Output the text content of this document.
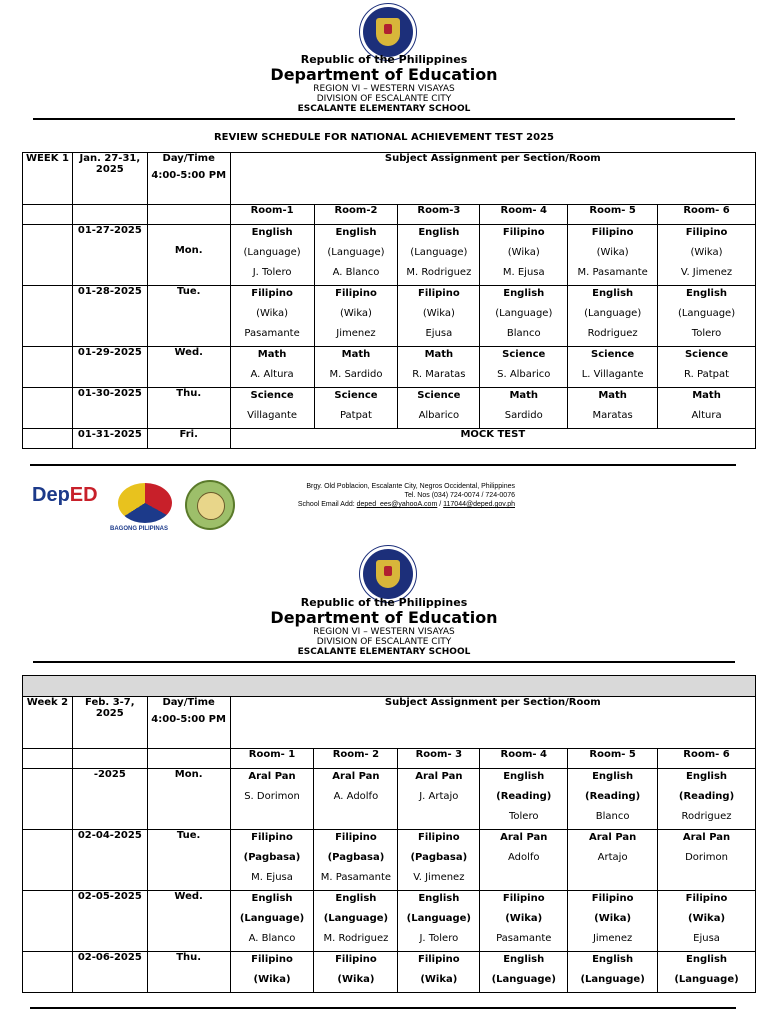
Republic of the Philippines
Department of Education
REGION VI – WESTERN VISAYAS
DIVISION OF ESCALANTE CITY
ESCALANTE ELEMENTARY SCHOOL
REVIEW SCHEDULE FOR NATIONAL ACHIEVEMENT TEST 2025
WEEK 1	Jan. 27-31, 2025	Day/Time
4:00-5:00 PM	Subject Assignment per Section/Room					
			Room-1	Room-2	Room-3	Room- 4	Room- 5	Room- 6
	01-27-2025	Mon.	English
(Language)
J. Tolero	English
(Language)
A. Blanco	English
(Language)
M. Rodriguez	Filipino
(Wika)
M. Ejusa	Filipino
(Wika)
M. Pasamante	Filipino
(Wika)
V. Jimenez

	01-28-2025	Tue.	Filipino
(Wika)
Pasamante	Filipino
(Wika)
Jimenez	Filipino
(Wika)
Ejusa	English
(Language)
Blanco	English
(Language)
Rodriguez	English
(Language)
Tolero

	01-29-2025	Wed.	Math
A. Altura	Math
M. Sardido	Math
R. Maratas	Science
S. Albarico	Science
L. Villagante	Science
R. Patpat

	01-30-2025	Thu.	Science
Villagante	Science
Patpat	Science
Albarico	Math
Sardido	Math
Maratas	Math
Altura

	01-31-2025	Fri.	MOCK TEST					
DepED
BAGONG PILIPINAS
Brgy. Old Poblacion, Escalante City, Negros Occidental, Philippines
Tel. Nos (034) 724-0074 / 724-0076
School Email Add: deped_ees@yahooA.com / 117044@deped.gov.ph
Republic of the Philippines
Department of Education
REGION VI – WESTERN VISAYAS
DIVISION OF ESCALANTE CITY
ESCALANTE ELEMENTARY SCHOOL

Week 2	Feb. 3-7, 2025	Day/Time
4:00-5:00 PM	Subject Assignment per Section/Room					
			Room- 1	Room- 2	Room- 3	Room- 4	Room- 5	Room- 6
	-2025	Mon.	Aral Pan
S. Dorimon	Aral Pan
A. Adolfo	Aral Pan
J. Artajo	English
(Reading)
Tolero	English
(Reading)
Blanco	English
(Reading)
Rodriguez

	02-04-2025	Tue.	Filipino
(Pagbasa)
M. Ejusa	Filipino
(Pagbasa)
M. Pasamante	Filipino
(Pagbasa)
V. Jimenez	Aral Pan
Adolfo	Aral Pan
Artajo	Aral Pan
Dorimon

	02-05-2025	Wed.	English
(Language)
A. Blanco	English
(Language)
M. Rodriguez	English
(Language)
J. Tolero	Filipino
(Wika)
Pasamante	Filipino
(Wika)
Jimenez	Filipino
(Wika)
Ejusa

	02-06-2025	Thu.	Filipino
(Wika)	Filipino
(Wika)	Filipino
(Wika)	English
(Language)	English
(Language)	English
(Language)
